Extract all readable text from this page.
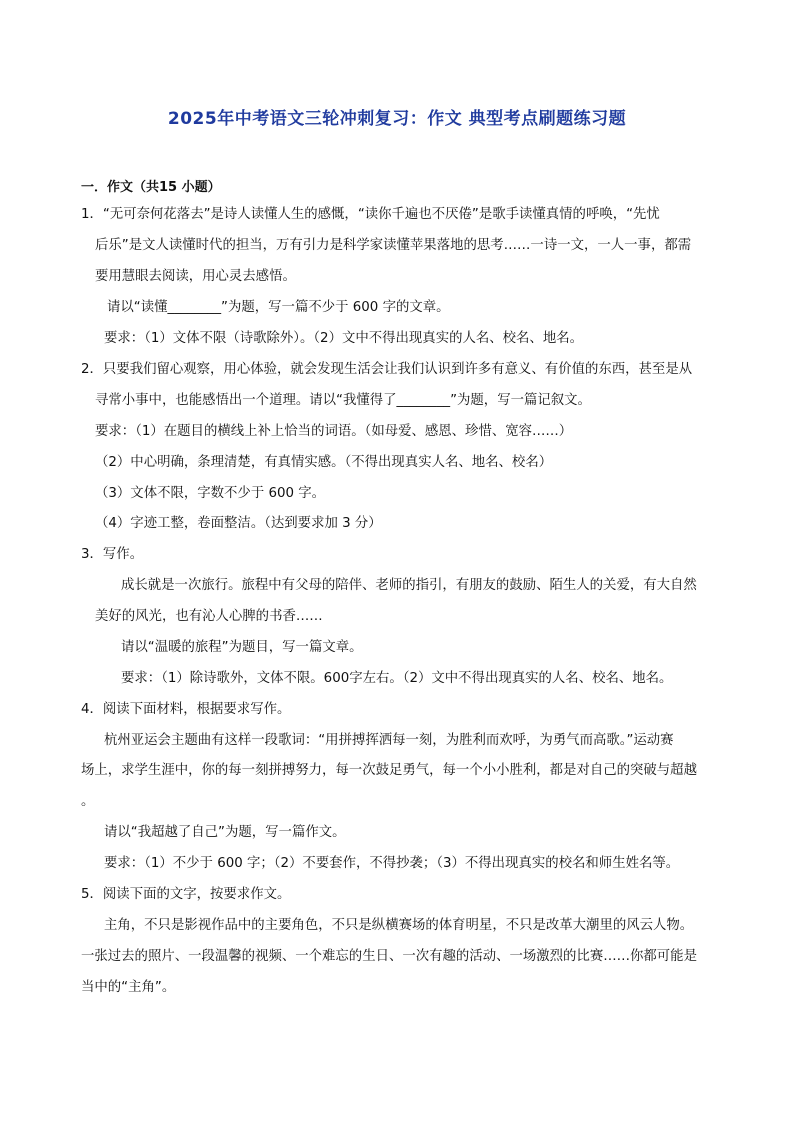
2025年中考语文三轮冲刺复习：作文 典型考点刷题练习题
一．作文（共15 小题）
1．“无可奈何花落去”是诗人读懂人生的感慨，“读你千遍也不厌倦”是歌手读懂真情的呼唤，“先忧
后乐”是文人读懂时代的担当，万有引力是科学家读懂苹果落地的思考……一诗一文，一人一事，都需
要用慧眼去阅读，用心灵去感悟。
请以“读懂________”为题，写一篇不少于 600 字的文章。
要求：（1）文体不限（诗歌除外）。（2）文中不得出现真实的人名、校名、地名。
2．只要我们留心观察，用心体验，就会发现生活会让我们认识到许多有意义、有价值的东西，甚至是从
寻常小事中，也能感悟出一个道理。请以“我懂得了________”为题，写一篇记叙文。
要求：（1）在题目的横线上补上恰当的词语。（如母爱、感恩、珍惜、宽容……）
（2）中心明确，条理清楚，有真情实感。（不得出现真实人名、地名、校名）
（3）文体不限，字数不少于 600 字。
（4）字迹工整，卷面整洁。（达到要求加 3 分）
3．写作。
成长就是一次旅行。旅程中有父母的陪伴、老师的指引，有朋友的鼓励、陌生人的关爱，有大自然
美好的风光，也有沁人心脾的书香……
请以“温暖的旅程”为题目，写一篇文章。
要求：（1）除诗歌外，文体不限。600字左右。（2）文中不得出现真实的人名、校名、地名。
4．阅读下面材料，根据要求写作。
杭州亚运会主题曲有这样一段歌词：“用拼搏挥洒每一刻，为胜利而欢呼，为勇气而高歌。”运动赛
场上，求学生涯中，你的每一刻拼搏努力，每一次鼓足勇气，每一个小小胜利，都是对自己的突破与超越
。
请以“我超越了自己”为题，写一篇作文。
要求：（1）不少于 600 字；（2）不要套作，不得抄袭；（3）不得出现真实的校名和师生姓名等。
5．阅读下面的文字，按要求作文。
主角，不只是影视作品中的主要角色，不只是纵横赛场的体育明星，不只是改革大潮里的风云人物。
一张过去的照片、一段温馨的视频、一个难忘的生日、一次有趣的活动、一场激烈的比赛……你都可能是
当中的“主角”。
